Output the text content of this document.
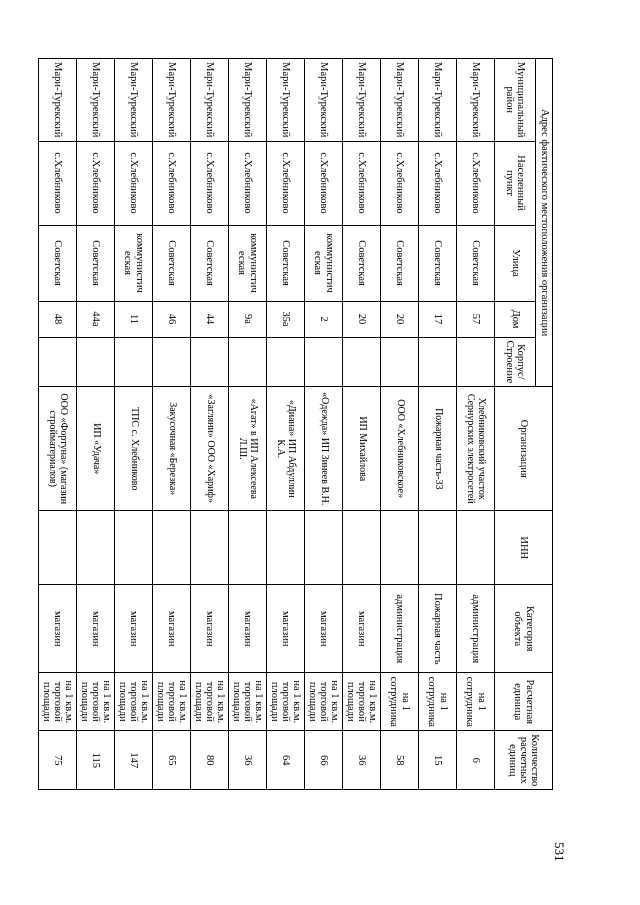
531
Адрес фактического местоположения организации					Организация	ИНН	Категория объекта	Расчетная единица	Количество расчетных единиц
Муниципальный район	Населенный пункт	Улица	Дом	Корпус/ Строение					
Мари-Турекский	с.Хлебниково	Советская	57		Хлебниковский участок Сернурских электросетей		администрация	на 1 сотрудника	6
Мари-Турекский	с.Хлебниково	Советская	17		Пожарная часть-33		Пожарная часть	на 1 сотрудника	15
Мари-Турекский	с.Хлебниково	Советская	20		ООО «Хлебниковское»		администрация	на 1 сотрудника	58
Мари-Турекский	с.Хлебниково	Советская	20		ИП Михайлова		магазин	на 1 кв.м. торговой площади	36
Мари-Турекский	с.Хлебниково	коммунистич еская	2		«Одежда» ИП Зинеев В.Н.		магазин	на 1 кв.м. торговой площади	66
Мари-Турекский	с.Хлебниково	Советская	35а		«Диана» ИП Абдуллин К.А.		магазин	на 1 кв.м. торговой площади	64
Мари-Турекский	с.Хлебниково	коммунистич еская	9а		«Агат» в ИП Алексеева Л.Ш.		магазин	на 1 кв.м. торговой площади	36
Мари-Турекский	с.Хлебниково	Советская	44		«Загляни» ООО «Хариф»		магазин	на 1 кв.м. торговой площади	80
Мари-Турекский	с.Хлебниково	Советская	46		Закусочная «Березка»		магазин	на 1 кв.м. торговой площади	65
Мари-Турекский	с.Хлебниково	коммунистич еская	11		ТПС с. Хлебниково		магазин	на 1 кв.м. торговой площади	147
Мари-Турекский	с.Хлебниково	Советская	44а		ИП «Удача»		магазин	на 1 кв.м. торговой площади	115
Мари-Турекский	с.Хлебниково	Советская	48		ООО «Фортуна» (магазин стройматериалов)		магазин	на 1 кв.м. торговой площади	75
